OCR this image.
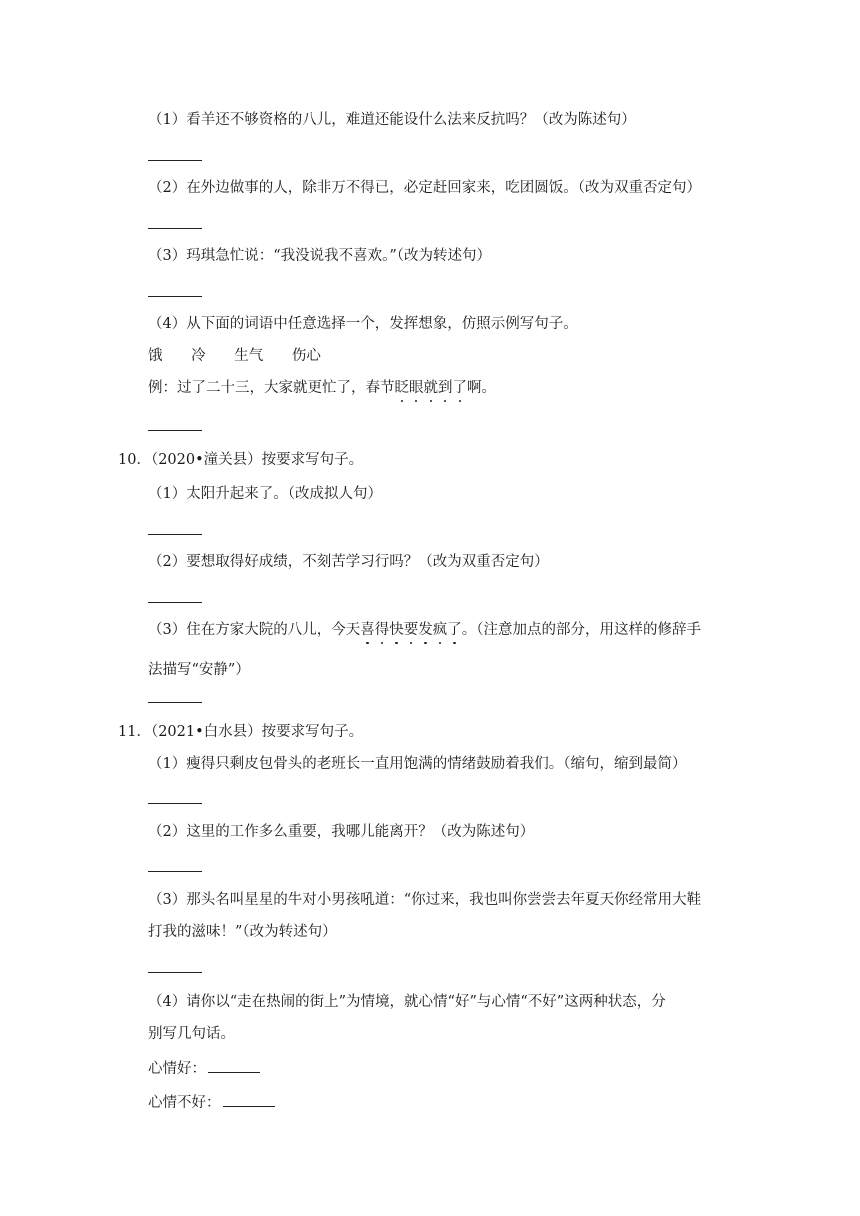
（1）看羊还不够资格的八儿，难道还能设什么法来反抗吗？（改为陈述句）
（2）在外边做事的人，除非万不得已，必定赶回家来，吃团圆饭。（改为双重否定句）
（3）玛琪急忙说：“我没说我不喜欢。”（改为转述句）
（4）从下面的词语中任意选择一个，发挥想象，仿照示例写句子。
饿 冷 生气 伤心
例：过了二十三，大家就更忙了，春节眨眼就到了啊。
10．（2020•潼关县）按要求写句子。
（1）太阳升起来了。（改成拟人句）
（2）要想取得好成绩，不刻苦学习行吗？（改为双重否定句）
（3）住在方家大院的八儿，今天喜得快要发疯了。（注意加点的部分，用这样的修辞手
法描写“安静”）
11．（2021•白水县）按要求写句子。
（1）瘦得只剩皮包骨头的老班长一直用饱满的情绪鼓励着我们。（缩句，缩到最简）
（2）这里的工作多么重要，我哪儿能离开？（改为陈述句）
（3）那头名叫星星的牛对小男孩吼道：“你过来，我也叫你尝尝去年夏天你经常用大鞋
打我的滋味！”（改为转述句）
（4）请你以“走在热闹的街上”为情境，就心情“好”与心情“不好”这两种状态，分
别写几句话。
心情好：
心情不好：
